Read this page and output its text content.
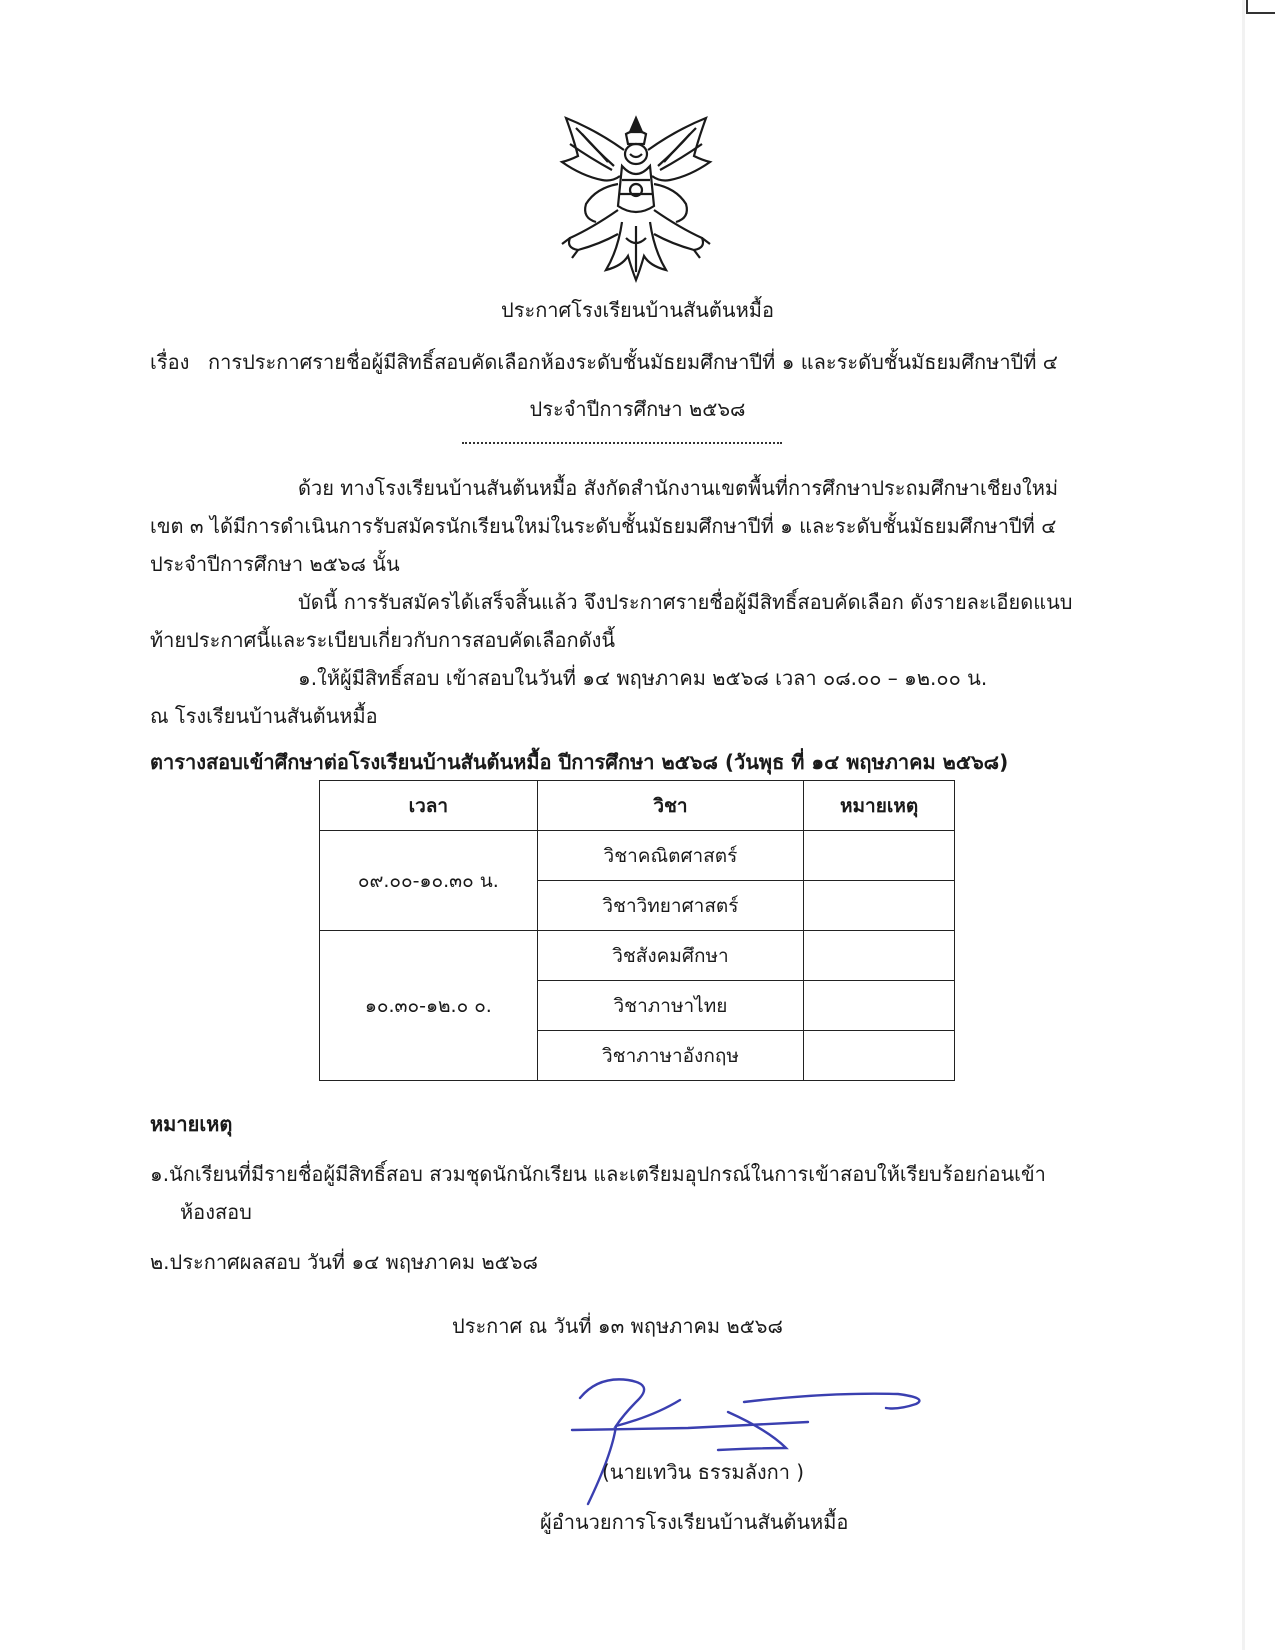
ประกาศโรงเรียนบ้านสันต้นหมื้อ
เรื่อง การประกาศรายชื่อผู้มีสิทธิ์สอบคัดเลือกห้องระดับชั้นมัธยมศึกษาปีที่ ๑ และระดับชั้นมัธยมศึกษาปีที่ ๔
ประจำปีการศึกษา ๒๕๖๘
ด้วย ทางโรงเรียนบ้านสันต้นหมื้อ สังกัดสำนักงานเขตพื้นที่การศึกษาประถมศึกษาเชียงใหม่
เขต ๓ ได้มีการดำเนินการรับสมัครนักเรียนใหม่ในระดับชั้นมัธยมศึกษาปีที่ ๑ และระดับชั้นมัธยมศึกษาปีที่ ๔
ประจำปีการศึกษา ๒๕๖๘ นั้น
บัดนี้ การรับสมัครได้เสร็จสิ้นแล้ว จึงประกาศรายชื่อผู้มีสิทธิ์สอบคัดเลือก ดังรายละเอียดแนบ
ท้ายประกาศนี้และระเบียบเกี่ยวกับการสอบคัดเลือกดังนี้
๑.ให้ผู้มีสิทธิ์สอบ เข้าสอบในวันที่ ๑๔ พฤษภาคม ๒๕๖๘ เวลา ๐๘.๐๐ – ๑๒.๐๐ น.
ณ โรงเรียนบ้านสันต้นหมื้อ
ตารางสอบเข้าศึกษาต่อโรงเรียนบ้านสันต้นหมื้อ ปีการศึกษา ๒๕๖๘ (วันพุธ ที่ ๑๔ พฤษภาคม ๒๕๖๘)
เวลา	วิชา	หมายเหตุ
๐๙.๐๐-๑๐.๓๐ น.	วิชาคณิตศาสตร์	
	วิชาวิทยาศาสตร์	
๑๐.๓๐-๑๒.๐ ๐.	วิชสังคมศึกษา	
	วิชาภาษาไทย	
	วิชาภาษาอังกฤษ	
หมายเหตุ
๑.นักเรียนที่มีรายชื่อผู้มีสิทธิ์สอบ สวมชุดนักนักเรียน และเตรียมอุปกรณ์ในการเข้าสอบให้เรียบร้อยก่อนเข้า
ห้องสอบ
๒.ประกาศผลสอบ วันที่ ๑๔ พฤษภาคม ๒๕๖๘
ประกาศ ณ วันที่ ๑๓ พฤษภาคม ๒๕๖๘
(นายเทวิน ธรรมลังกา )
ผู้อำนวยการโรงเรียนบ้านสันต้นหมื้อ
